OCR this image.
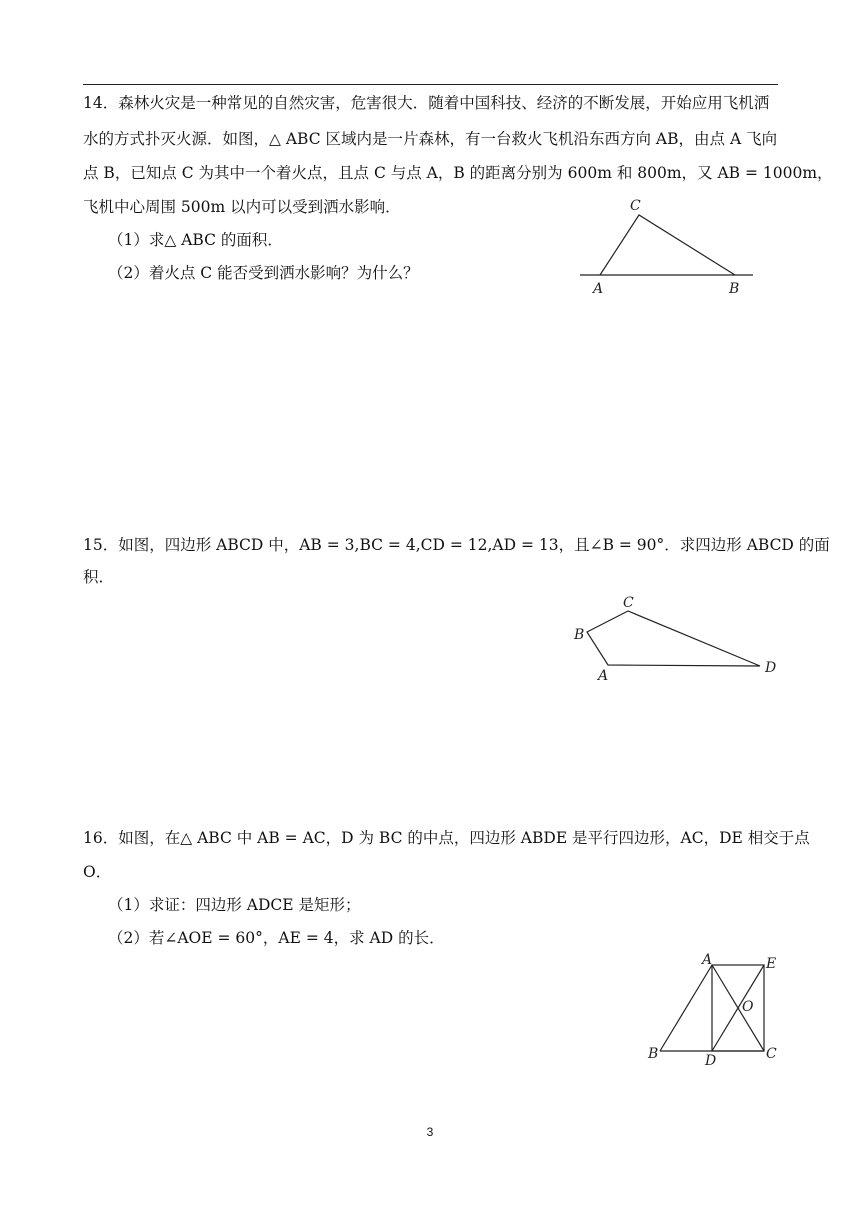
14．森林火灾是一种常见的自然灾害，危害很大．随着中国科技、经济的不断发展，开始应用飞机洒
水的方式扑灭火源．如图，△ ABC 区域内是一片森林，有一台救火飞机沿东西方向 AB，由点 A 飞向
点 B，已知点 C 为其中一个着火点，且点 C 与点 A，B 的距离分别为 600m 和 800m，又 AB = 1000m，
飞机中心周围 500m 以内可以受到洒水影响．
（1）求△ ABC 的面积．
（2）着火点 C 能否受到洒水影响？为什么？
C
A	B
15．如图，四边形 ABCD 中，AB = 3,BC = 4,CD = 12,AD = 13，且∠B = 90°．求四边形 ABCD 的面
积．
C
B
D
A
16．如图，在△ ABC 中 AB = AC，D 为 BC 的中点，四边形 ABDE 是平行四边形，AC，DE 相交于点
O．
（1）求证：四边形 ADCE 是矩形；
（2）若∠AOE = 60°，AE = 4，求 AD 的长．
A	E
O
B	D	C
3
